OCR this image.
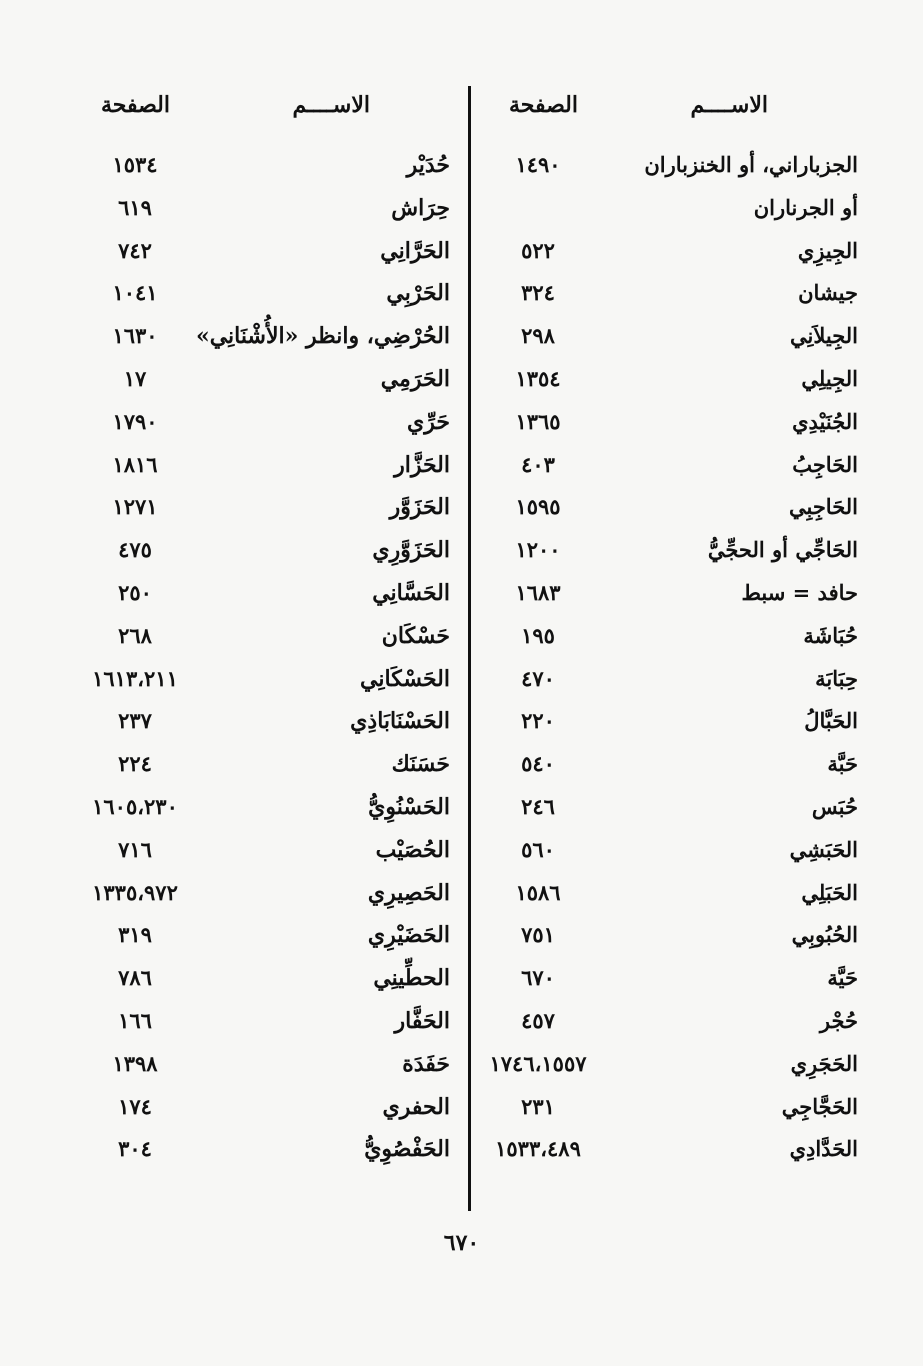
الاســــم
الصفحة
الجزباراني، أو الخنزباران
١٤٩٠
أو الجرناران
الجِيزِي
٥٢٢
جيشان
٣٢٤
الجِيلاَنِي
٢٩٨
الجِيلِي
١٣٥٤
الجُنَيْدِي
١٣٦٥
الحَاجِبُ
٤٠٣
الحَاجِبِي
١٥٩٥
الحَاجِّي أو الحجِّيُّ
١٢٠٠
حافد = سبط
١٦٨٣
حُبَاشَة
١٩٥
حِبَابَة
٤٧٠
الحَبَّالُ
٢٢٠
حَبَّة
٥٤٠
حُبَس
٢٤٦
الحَبَشِي
٥٦٠
الحَبَلِي
١٥٨٦
الحُبُوبِي
٧٥١
حَيَّة
٦٧٠
حُجْر
٤٥٧
الحَجَرِي
١٧٤٦،١٥٥٧
الحَجَّاجِي
٢٣١
الحَدَّادِي
١٥٣٣،٤٨٩
الاســــم
الصفحة
حُدَيْر
١٥٣٤
حِرَاش
٦١٩
الحَرَّانِي
٧٤٢
الحَرْبِي
١٠٤١
الحُرْضِي، وانظر «الأُشْنَانِي»
١٦٣٠
الحَرَمِي
١٧
حَرِّي
١٧٩٠
الحَزَّار
١٨١٦
الحَزَوَّر
١٢٧١
الحَزَوَّرِي
٤٧٥
الحَسَّانِي
٢٥٠
حَسْكَان
٢٦٨
الحَسْكَانِي
١٦١٣،٢١١
الحَسْنَابَاذِي
٢٣٧
حَسَنَك
٢٢٤
الحَسْنُوِيُّ
١٦٠٥،٢٣٠
الحُصَيْب
٧١٦
الحَصِيرِي
١٣٣٥،٩٧٢
الحَضَيْرِي
٣١٩
الحطِّينِي
٧٨٦
الحَفَّار
١٦٦
حَفَدَة
١٣٩٨
الحفري
١٧٤
الحَفْصُوِيُّ
٣٠٤
٦٧٠
